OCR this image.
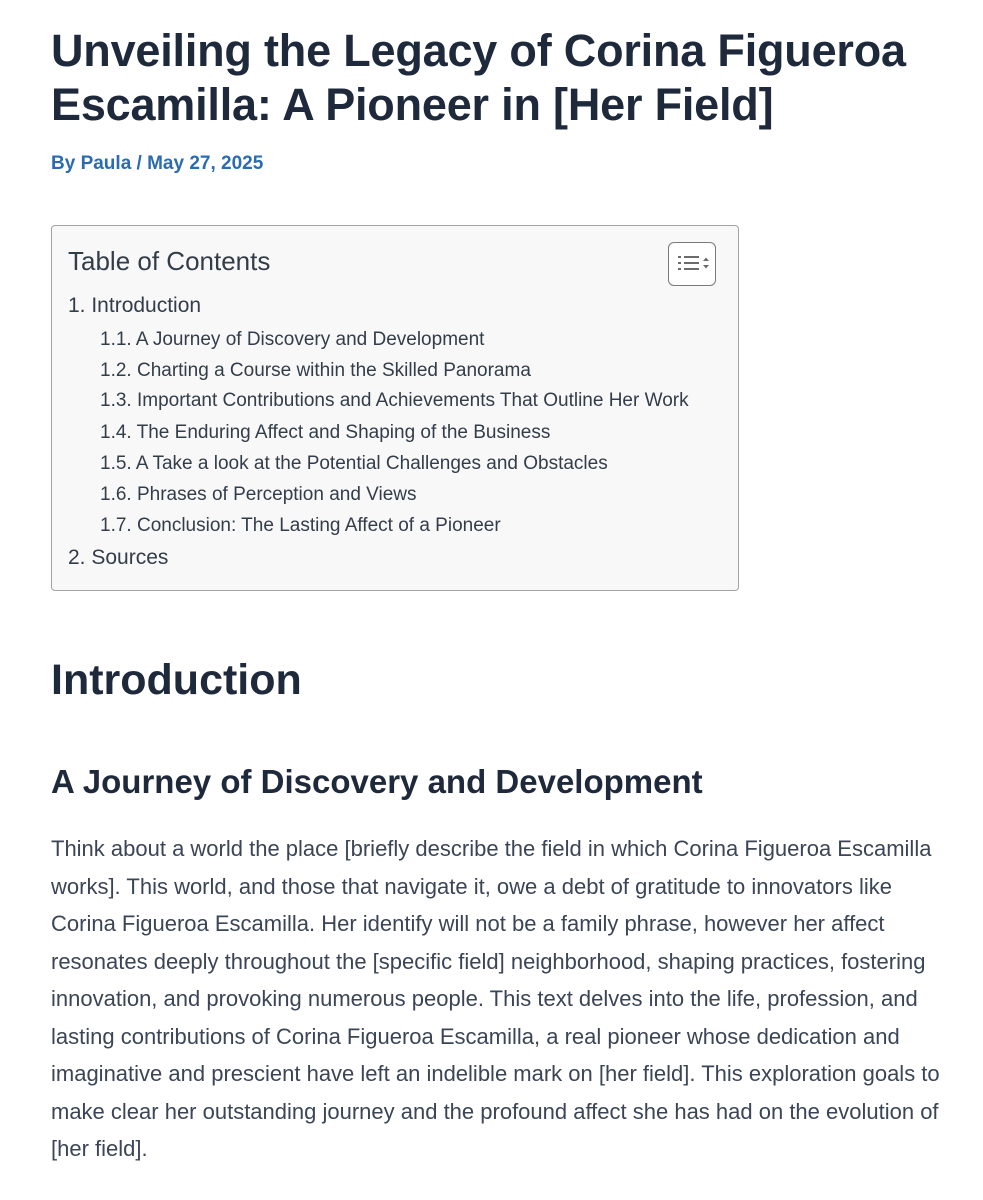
Unveiling the Legacy of Corina Figueroa Escamilla: A Pioneer in [Her Field]
By Paula / May 27, 2025
Table of Contents
1. Introduction
1.1. A Journey of Discovery and Development
1.2. Charting a Course within the Skilled Panorama
1.3. Important Contributions and Achievements That Outline Her Work
1.4. The Enduring Affect and Shaping of the Business
1.5. A Take a look at the Potential Challenges and Obstacles
1.6. Phrases of Perception and Views
1.7. Conclusion: The Lasting Affect of a Pioneer
2. Sources
Introduction
A Journey of Discovery and Development

Think about a world the place [briefly describe the field in which Corina Figueroa Escamilla works]. This world, and those that navigate it, owe a debt of gratitude to innovators like Corina Figueroa Escamilla. Her identify will not be a family phrase, however her affect resonates deeply throughout the [specific field] neighborhood, shaping practices, fostering innovation, and provoking numerous people. This text delves into the life, profession, and lasting contributions of Corina Figueroa Escamilla, a real pioneer whose dedication and imaginative and prescient have left an indelible mark on [her field]. This exploration goals to make clear her outstanding journey and the profound affect she has had on the evolution of [her field].
